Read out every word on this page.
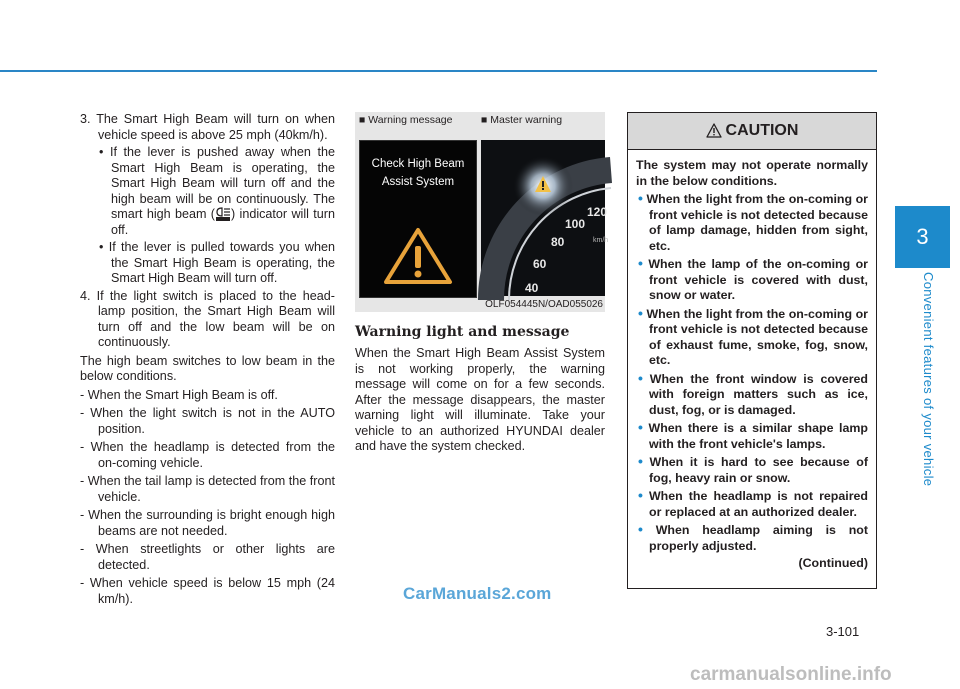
3
Convenient features of your vehicle

3. The Smart High Beam will turn on when vehicle speed is above 25 mph (40km/h).

• If the lever is pushed away when the Smart High Beam is operating, the Smart High Beam will turn off and the high beam will be on continuously. The smart high beam ( ) indicator will turn off.

• If the lever is pulled towards you when the Smart High Beam is operating, the Smart High Beam will turn off.

4. If the light switch is placed to the head-lamp position, the Smart High Beam will turn off and the low beam will be on continuously.

The high beam switches to low beam in the below conditions.

- When the Smart High Beam is off.

- When the light switch is not in the AUTO position.

- When the headlamp is detected from the on-coming vehicle.

- When the tail lamp is detected from the front vehicle.

- When the surrounding is bright enough high beams are not needed.

- When streetlights or other lights are detected.

- When vehicle speed is below 15 mph (24 km/h).

■ Warning message	■ Master warning
Check High Beam
Assist System
40
60
80
100
120
km/h
OLF054445N/OAD055026
Warning light and message

When the Smart High Beam Assist System is not working properly, the warning message will come on for a few seconds. After the message disappears, the master warning light will illuminate. Take your vehicle to an authorized HYUNDAI dealer and have the system checked.

CAUTION

The system may not operate normally in the below conditions.

• When the light from the on-coming or front vehicle is not detected because of lamp damage, hidden from sight, etc.

• When the lamp of the on-coming or front vehicle is covered with dust, snow or water.

• When the light from the on-coming or front vehicle is not detected because of exhaust fume, smoke, fog, snow, etc.

• When the front window is covered with foreign matters such as ice, dust, fog, or is damaged.

• When there is a similar shape lamp with the front vehicle's lamps.

• When it is hard to see because of fog, heavy rain or snow.

• When the headlamp is not repaired or replaced at an authorized dealer.

• When headlamp aiming is not properly adjusted.

(Continued)

CarManuals2.com
3-101
carmanualsonline.info
